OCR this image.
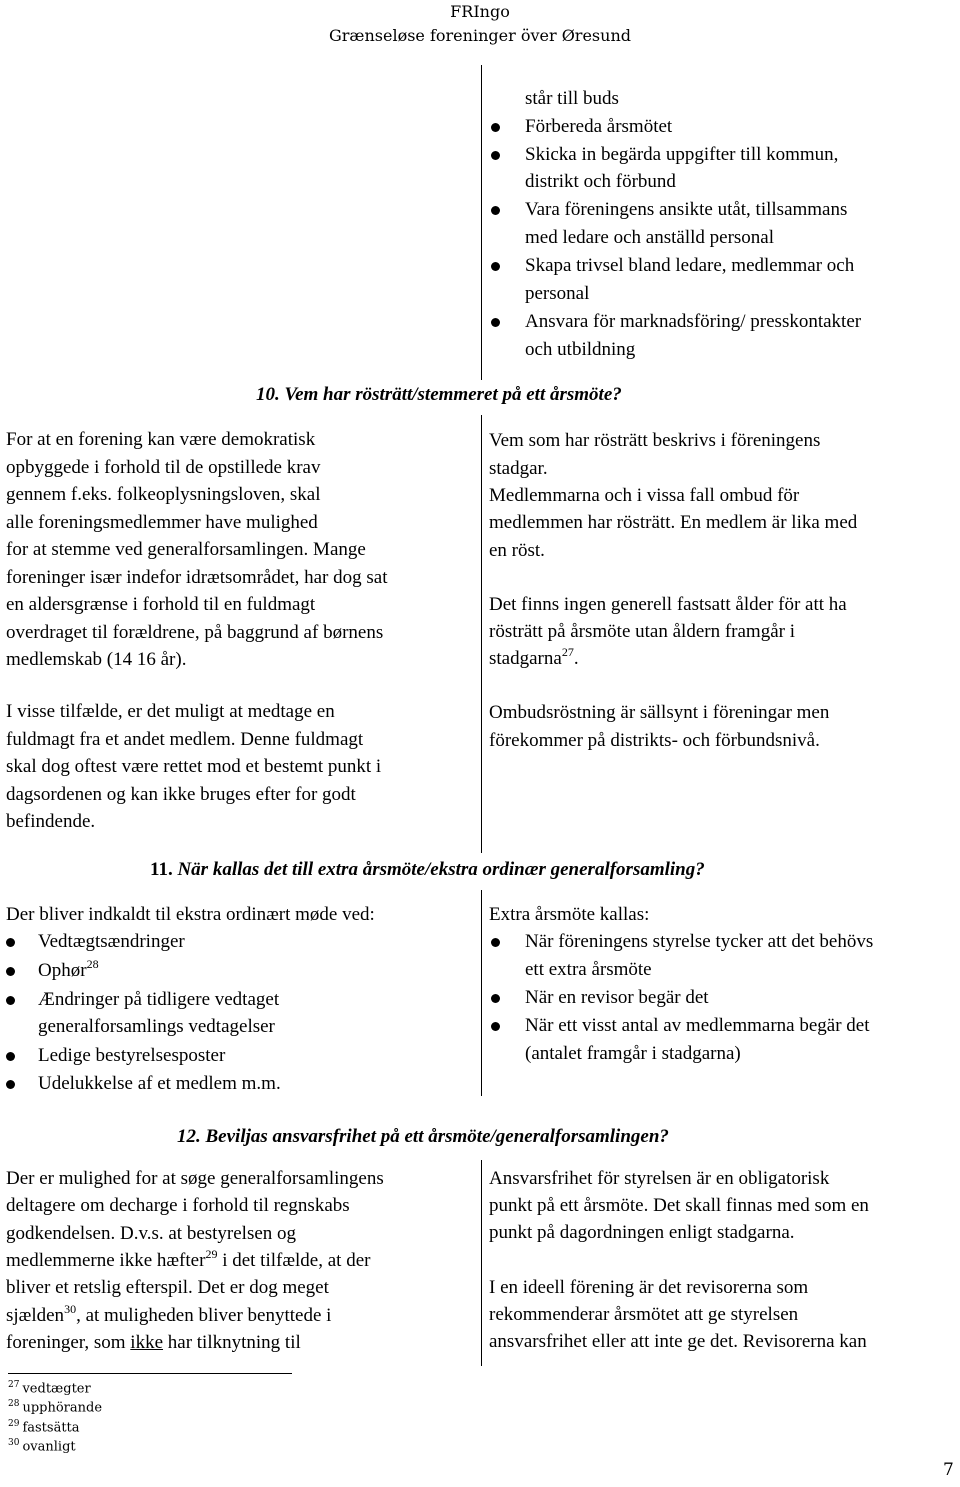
FRIngo
Grænseløse foreninger över Øresund
står till buds
Förbereda årsmötet
Skicka in begärda uppgifter till kommun,
distrikt och förbund
Vara föreningens ansikte utåt, tillsammans
med ledare och anställd personal
Skapa trivsel bland ledare, medlemmar och
personal
Ansvara för marknadsföring/ presskontakter
och utbildning
10. Vem har rösträtt/stemmeret på ett årsmöte?
For at en forening kan være demokratisk
opbyggede i forhold til de opstillede krav
gennem f.eks. folkeoplysningsloven, skal
alle foreningsmedlemmer have mulighed
for at stemme ved generalforsamlingen. Mange
foreninger især indefor idrætsområdet, har dog sat
en aldersgrænse i forhold til en fuldmagt
overdraget til forældrene, på baggrund af børnens
medlemskab (14 16 år).
I visse tilfælde, er det muligt at medtage en
fuldmagt fra et andet medlem. Denne fuldmagt
skal dog oftest være rettet mod et bestemt punkt i
dagsordenen og kan ikke bruges efter for godt
befindende.
Vem som har rösträtt beskrivs i föreningens
stadgar.
Medlemmarna och i vissa fall ombud för
medlemmen har rösträtt. En medlem är lika med
en röst.
Det finns ingen generell fastsatt ålder för att ha
rösträtt på årsmöte utan åldern framgår i
stadgarna$^{27}$.
Ombudsröstning är sällsynt i föreningar men
förekommer på distrikts- och förbundsnivå.
11. När kallas det till extra årsmöte/ekstra ordinær generalforsamling?
Der bliver indkaldt til ekstra ordinært møde ved:
Vedtægtsændringer
Ophør$^{28}$
Ændringer på tidligere vedtaget
generalforsamlings vedtagelser
Ledige bestyrelsesposter
Udelukkelse af et medlem m.m.
Extra årsmöte kallas:
När föreningens styrelse tycker att det behövs
ett extra årsmöte
När en revisor begär det
När ett visst antal av medlemmarna begär det
(antalet framgår i stadgarna)
12. Beviljas ansvarsfrihet på ett årsmöte/generalforsamlingen?
Der er mulighed for at søge generalforsamlingens
deltagere om decharge i forhold til regnskabs
godkendelsen. D.v.s. at bestyrelsen og
medlemmerne ikke hæfter$^{29}$ i det tilfælde, at der
bliver et retslig efterspil. Det er dog meget
sjælden$^{30}$, at muligheden bliver benyttede i
foreninger, som ikke har tilknytning til
Ansvarsfrihet för styrelsen är en obligatorisk
punkt på ett årsmöte. Det skall finnas med som en
punkt på dagordningen enligt stadgarna.
I en ideell förening är det revisorerna som
rekommenderar årsmötet att ge styrelsen
ansvarsfrihet eller att inte ge det. Revisorerna kan
$^{27}$ vedtægter
$^{28}$ upphörande
$^{29}$ fastsätta
$^{30}$ ovanligt
7
